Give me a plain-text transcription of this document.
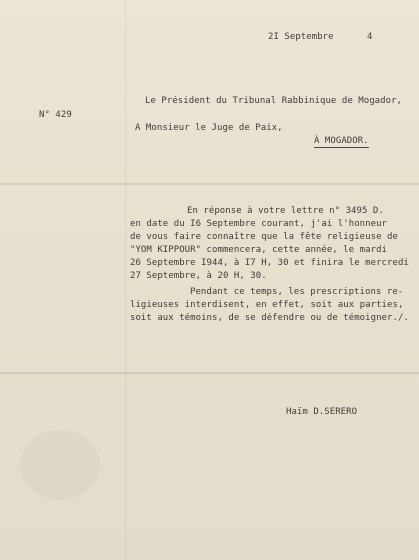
2I Septembre	4
N° 429
Le Président du Tribunal Rabbinique de Mogador,
A Monsieur le Juge de Paix,
À MOGADOR.
En réponse à votre lettre n° 3495 D.
en date du I6 Septembre courant, j'ai l'honneur
de vous faire connaître que la fête religieuse de
"YOM KIPPOUR" commencera, cette année, le mardi
26 Septembre I944, à I7 H, 30 et finira le mercredi
27 Septembre, à 20 H, 30.
Pendant ce temps, les prescriptions re-
ligieuses interdisent, en effet, soit aux parties,
soit aux témoins, de se défendre ou de témoigner./.
Haïm D.SERERO
